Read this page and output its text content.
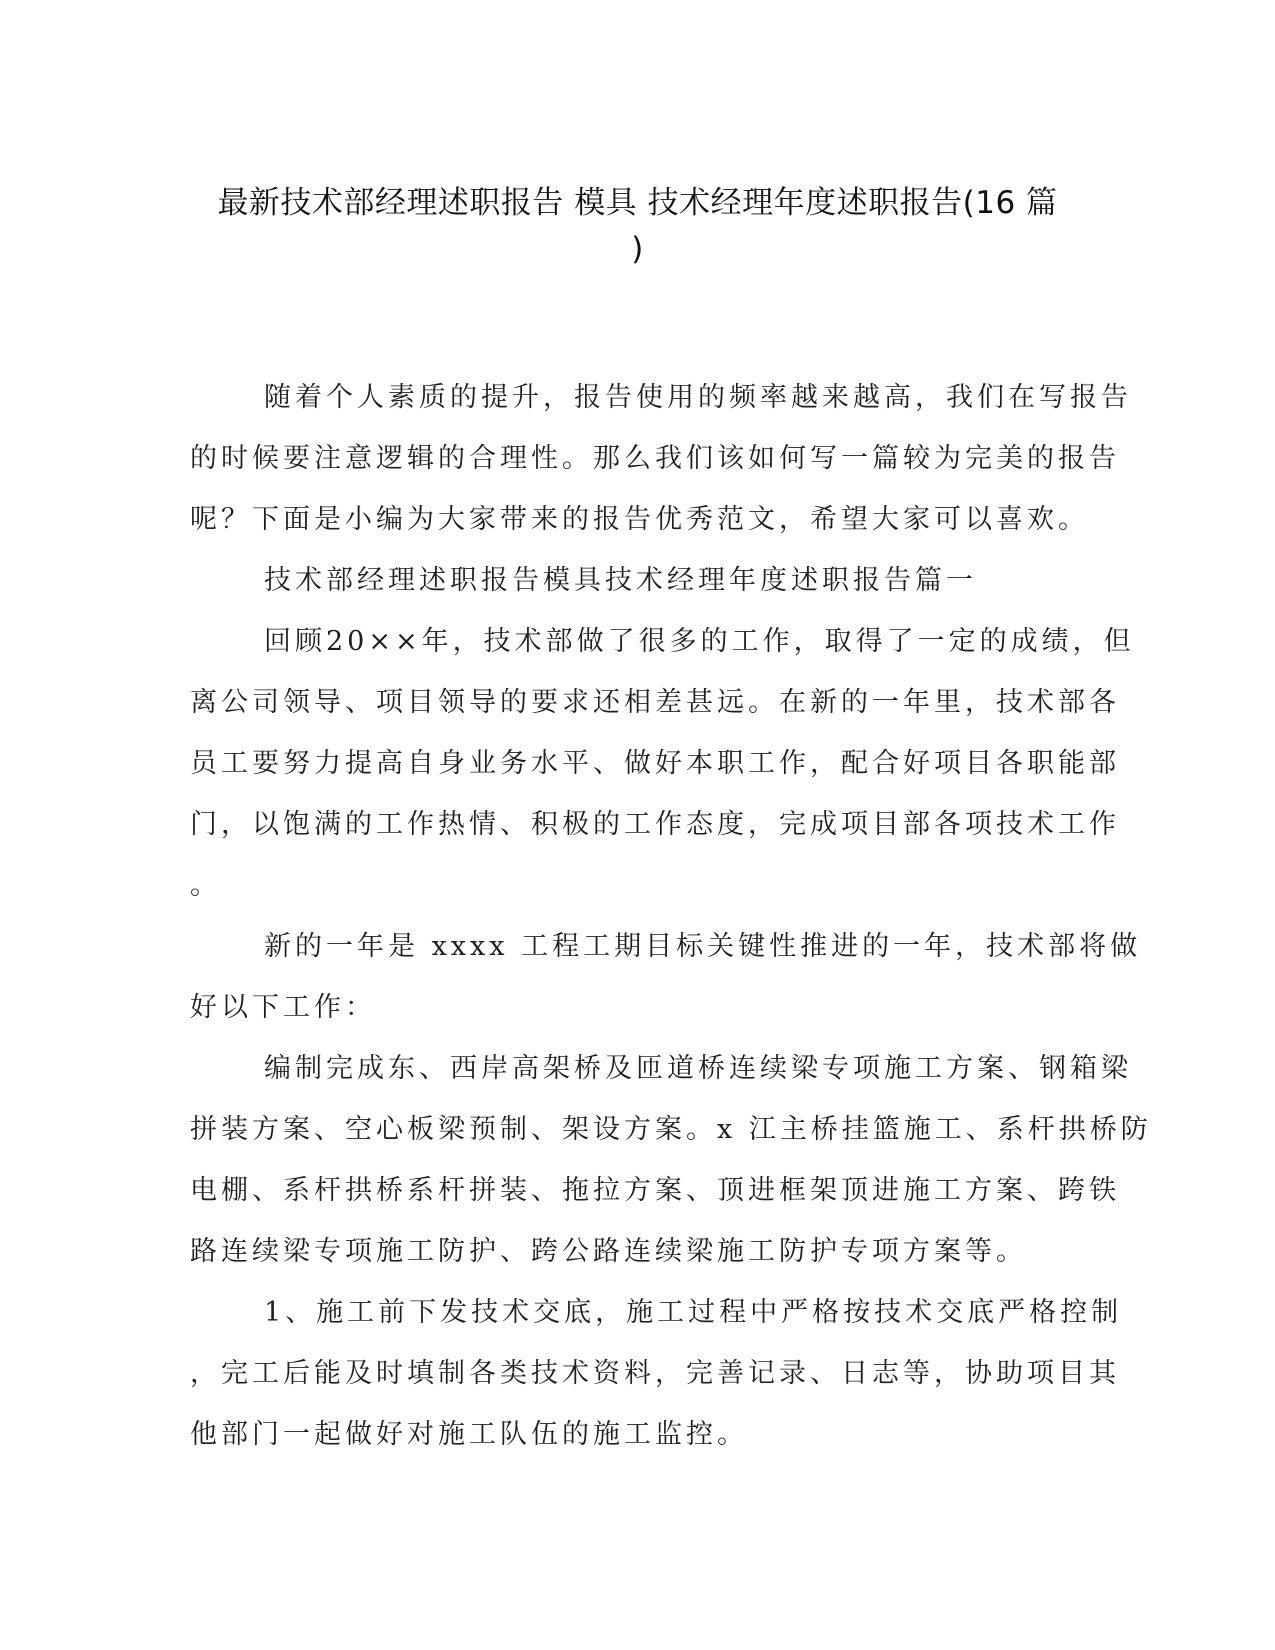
最新技术部经理述职报告 模具 技术经理年度述职报告(16 篇
)
随着个人素质的提升，报告使用的频率越来越高，我们在写报告
的时候要注意逻辑的合理性。那么我们该如何写一篇较为完美的报告
呢？下面是小编为大家带来的报告优秀范文，希望大家可以喜欢。
技术部经理述职报告模具技术经理年度述职报告篇一
回顾20××年，技术部做了很多的工作，取得了一定的成绩，但
离公司领导、项目领导的要求还相差甚远。在新的一年里，技术部各
员工要努力提高自身业务水平、做好本职工作，配合好项目各职能部
门，以饱满的工作热情、积极的工作态度，完成项目部各项技术工作
。
新的一年是 xxxx 工程工期目标关键性推进的一年，技术部将做
好以下工作：
编制完成东、西岸高架桥及匝道桥连续梁专项施工方案、钢箱梁
拼装方案、空心板梁预制、架设方案。x 江主桥挂篮施工、系杆拱桥防
电棚、系杆拱桥系杆拼装、拖拉方案、顶进框架顶进施工方案、跨铁
路连续梁专项施工防护、跨公路连续梁施工防护专项方案等。
1、施工前下发技术交底，施工过程中严格按技术交底严格控制
，完工后能及时填制各类技术资料，完善记录、日志等，协助项目其
他部门一起做好对施工队伍的施工监控。
